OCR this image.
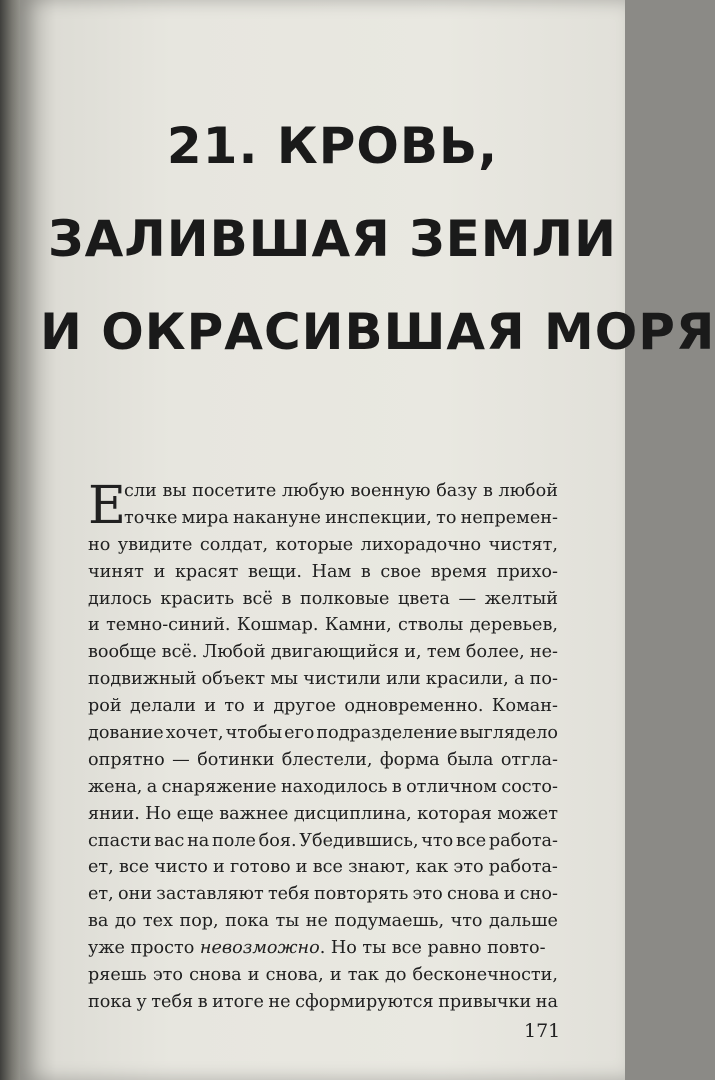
21. КРОВЬ,
ЗАЛИВШАЯ ЗЕМЛИ
И ОКРАСИВШАЯ МОРЯ
Е
сли вы посетите любую военную базу в любой
точке мира накануне инспекции, то непремен-
но увидите солдат, которые лихорадочно чистят,
чинят и красят вещи. Нам в свое время прихо-
дилось красить всё в полковые цвета — желтый
и темно-синий. Кошмар. Камни, стволы деревьев,
вообще всё. Любой двигающийся и, тем более, не-
подвижный объект мы чистили или красили, а по-
рой делали и то и другое одновременно. Коман-
дование хочет, чтобы его подразделение выглядело
опрятно — ботинки блестели, форма была отгла-
жена, а снаряжение находилось в отличном состо-
янии. Но еще важнее дисциплина, которая может
спасти вас на поле боя. Убедившись, что все работа-
ет, все чисто и готово и все знают, как это работа-
ет, они заставляют тебя повторять это снова и сно-
ва до тех пор, пока ты не подумаешь, что дальше
уже просто невозможно . Но ты все равно повто-
ряешь это снова и снова, и так до бесконечности,
пока у тебя в итоге не сформируются привычки на
171
